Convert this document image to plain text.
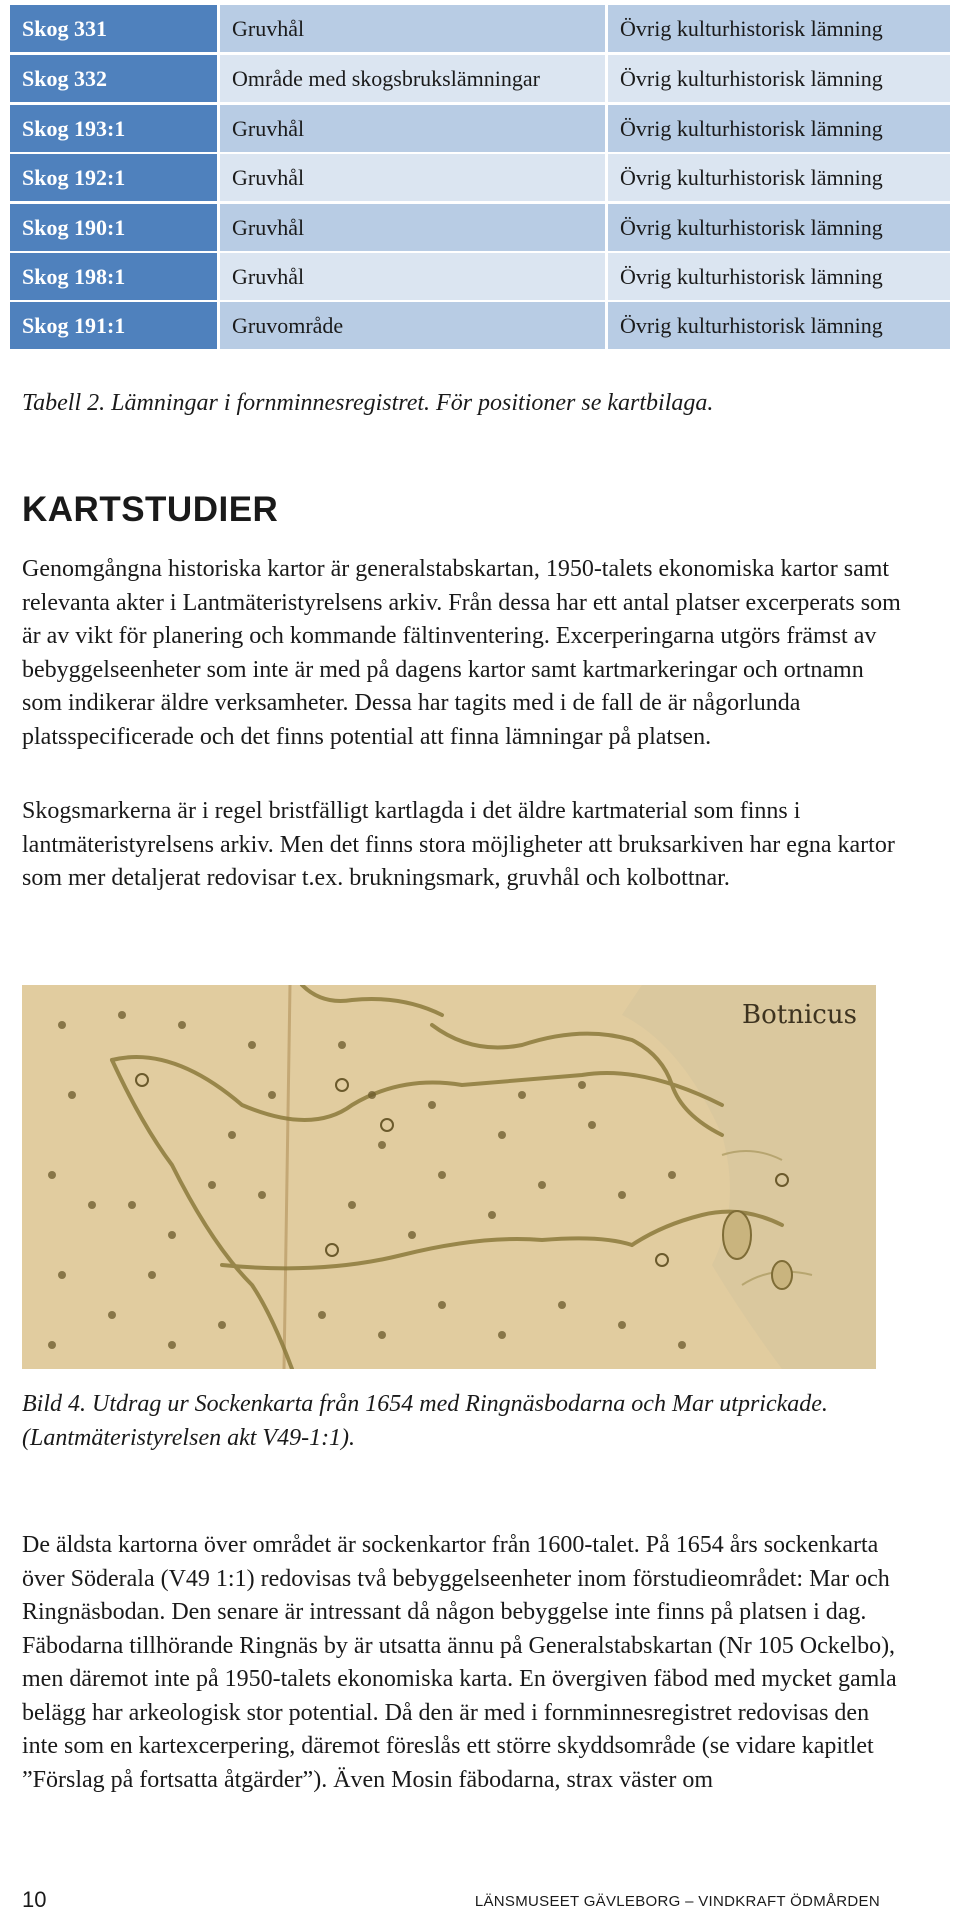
Skog 331	Gruvhål	Övrig kulturhistorisk lämning
Skog 332	Område med skogsbrukslämningar	Övrig kulturhistorisk lämning
Skog 193:1	Gruvhål	Övrig kulturhistorisk lämning
Skog 192:1	Gruvhål	Övrig kulturhistorisk lämning
Skog 190:1	Gruvhål	Övrig kulturhistorisk lämning
Skog 198:1	Gruvhål	Övrig kulturhistorisk lämning
Skog 191:1	Gruvområde	Övrig kulturhistorisk lämning

Tabell 2. Lämningar i fornminnesregistret. För positioner se kartbilaga.

KARTSTUDIER

Genomgångna historiska kartor är generalstabskartan, 1950-talets ekonomiska kartor samt relevanta akter i Lantmäteristyrelsens arkiv. Från dessa har ett antal platser excerperats som är av vikt för planering och kommande fältinventering. Excerperingarna utgörs främst av bebyggelseenheter som inte är med på dagens kartor samt kartmarkeringar och ortnamn som indikerar äldre verksamheter. Dessa har tagits med i de fall de är någorlunda platsspecificerade och det finns potential att finna lämningar på platsen.

Skogsmarkerna är i regel bristfälligt kartlagda i det äldre kartmaterial som finns i lantmäteristyrelsens arkiv. Men det finns stora möjligheter att bruksarkiven har egna kartor som mer detaljerat redovisar t.ex. brukningsmark, gruvhål och kolbottnar.

Botnicus

Bild 4. Utdrag ur Sockenkarta från 1654 med Ringnäsbodarna och Mar utprickade.(Lantmäteristyrelsen akt V49-1:1).

De äldsta kartorna över området är sockenkartor från 1600-talet. På 1654 års sockenkarta över Söderala (V49 1:1) redovisas två bebyggelseenheter inom förstudieområdet: Mar och Ringnäsbodan. Den senare är intressant då någon bebyggelse inte finns på platsen i dag. Fäbodarna tillhörande Ringnäs by är utsatta ännu på Generalstabskartan (Nr 105 Ockelbo), men däremot inte på 1950-talets ekonomiska karta. En övergiven fäbod med mycket gamla belägg har arkeologisk stor potential. Då den är med i fornminnesregistret redovisas den inte som en kartexcerpering, däremot föreslås ett större skyddsområde (se vidare kapitlet ”Förslag på fortsatta åtgärder”). Även Mosin fäbodarna, strax väster om

10	LÄNSMUSEET GÄVLEBORG – VINDKRAFT ÖDMÅRDEN
